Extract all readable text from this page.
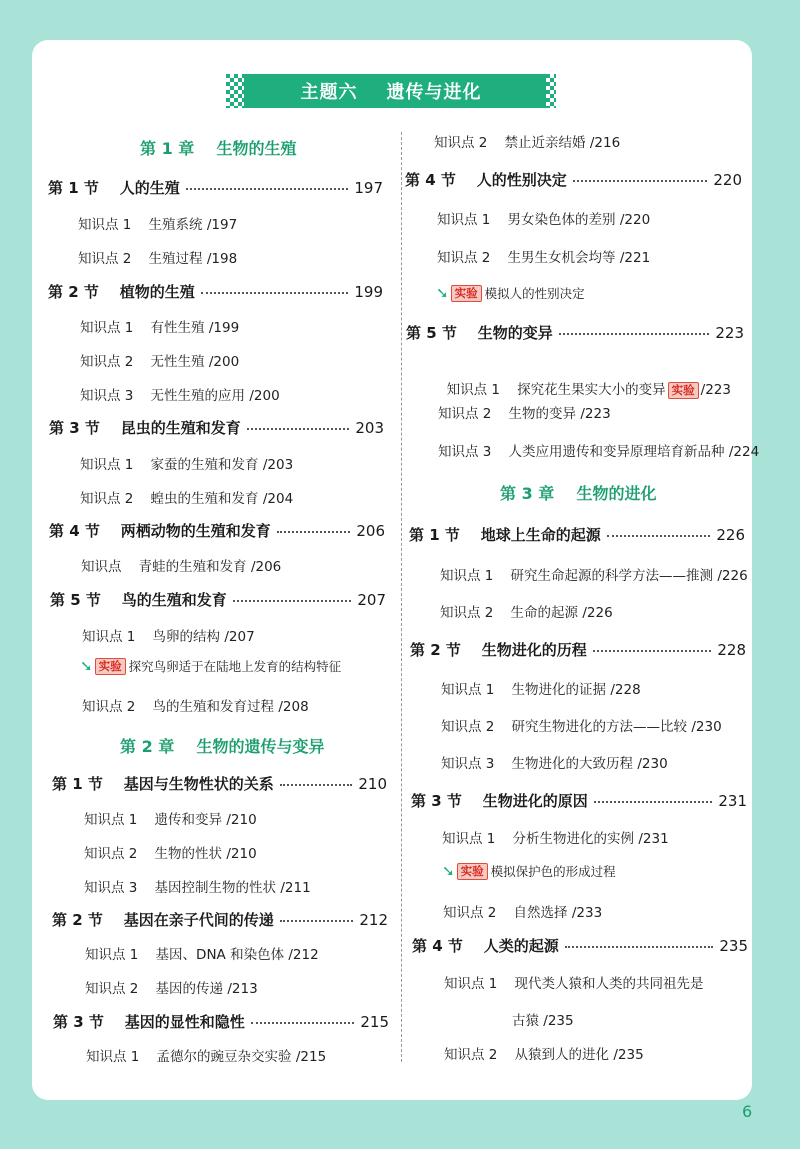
主题六    遗传与进化
第 1 章    生物的生殖
第 1 节    人的生殖	197
知识点 1    生殖系统 /197
知识点 2    生殖过程 /198
第 2 节    植物的生殖	199
知识点 1    有性生殖 /199
知识点 2    无性生殖 /200
知识点 3    无性生殖的应用 /200
第 3 节    昆虫的生殖和发育	203
知识点 1    家蚕的生殖和发育 /203
知识点 2    蝗虫的生殖和发育 /204
第 4 节    两栖动物的生殖和发育	206
知识点    青蛙的生殖和发育 /206
第 5 节    鸟的生殖和发育	207
知识点 1    鸟卵的结构 /207
➘ 实验 探究鸟卵适于在陆地上发育的结构特征
知识点 2    鸟的生殖和发育过程 /208
第 2 章    生物的遗传与变异
第 1 节    基因与生物性状的关系	210
知识点 1    遗传和变异 /210
知识点 2    生物的性状 /210
知识点 3    基因控制生物的性状 /211
第 2 节    基因在亲子代间的传递	212
知识点 1    基因、DNA 和染色体 /212
知识点 2    基因的传递 /213
第 3 节    基因的显性和隐性	215
知识点 1    孟德尔的豌豆杂交实验 /215
知识点 2    禁止近亲结婚 /216
第 4 节    人的性别决定	220
知识点 1    男女染色体的差别 /220
知识点 2    生男生女机会均等 /221
➘ 实验 模拟人的性别决定
第 5 节    生物的变异	223

知识点 1    探究花生果实大小的变异 实验 /223

知识点 2    生物的变异 /223
知识点 3    人类应用遗传和变异原理培育新品种 /224
第 3 章    生物的进化
第 1 节    地球上生命的起源	226
知识点 1    研究生命起源的科学方法——推测 /226
知识点 2    生命的起源 /226
第 2 节    生物进化的历程	228
知识点 1    生物进化的证据 /228
知识点 2    研究生物进化的方法——比较 /230
知识点 3    生物进化的大致历程 /230
第 3 节    生物进化的原因	231
知识点 1    分析生物进化的实例 /231
➘ 实验 模拟保护色的形成过程
知识点 2    自然选择 /233
第 4 节    人类的起源	235
知识点 1    现代类人猿和人类的共同祖先是
古猿 /235
知识点 2    从猿到人的进化 /235
6
